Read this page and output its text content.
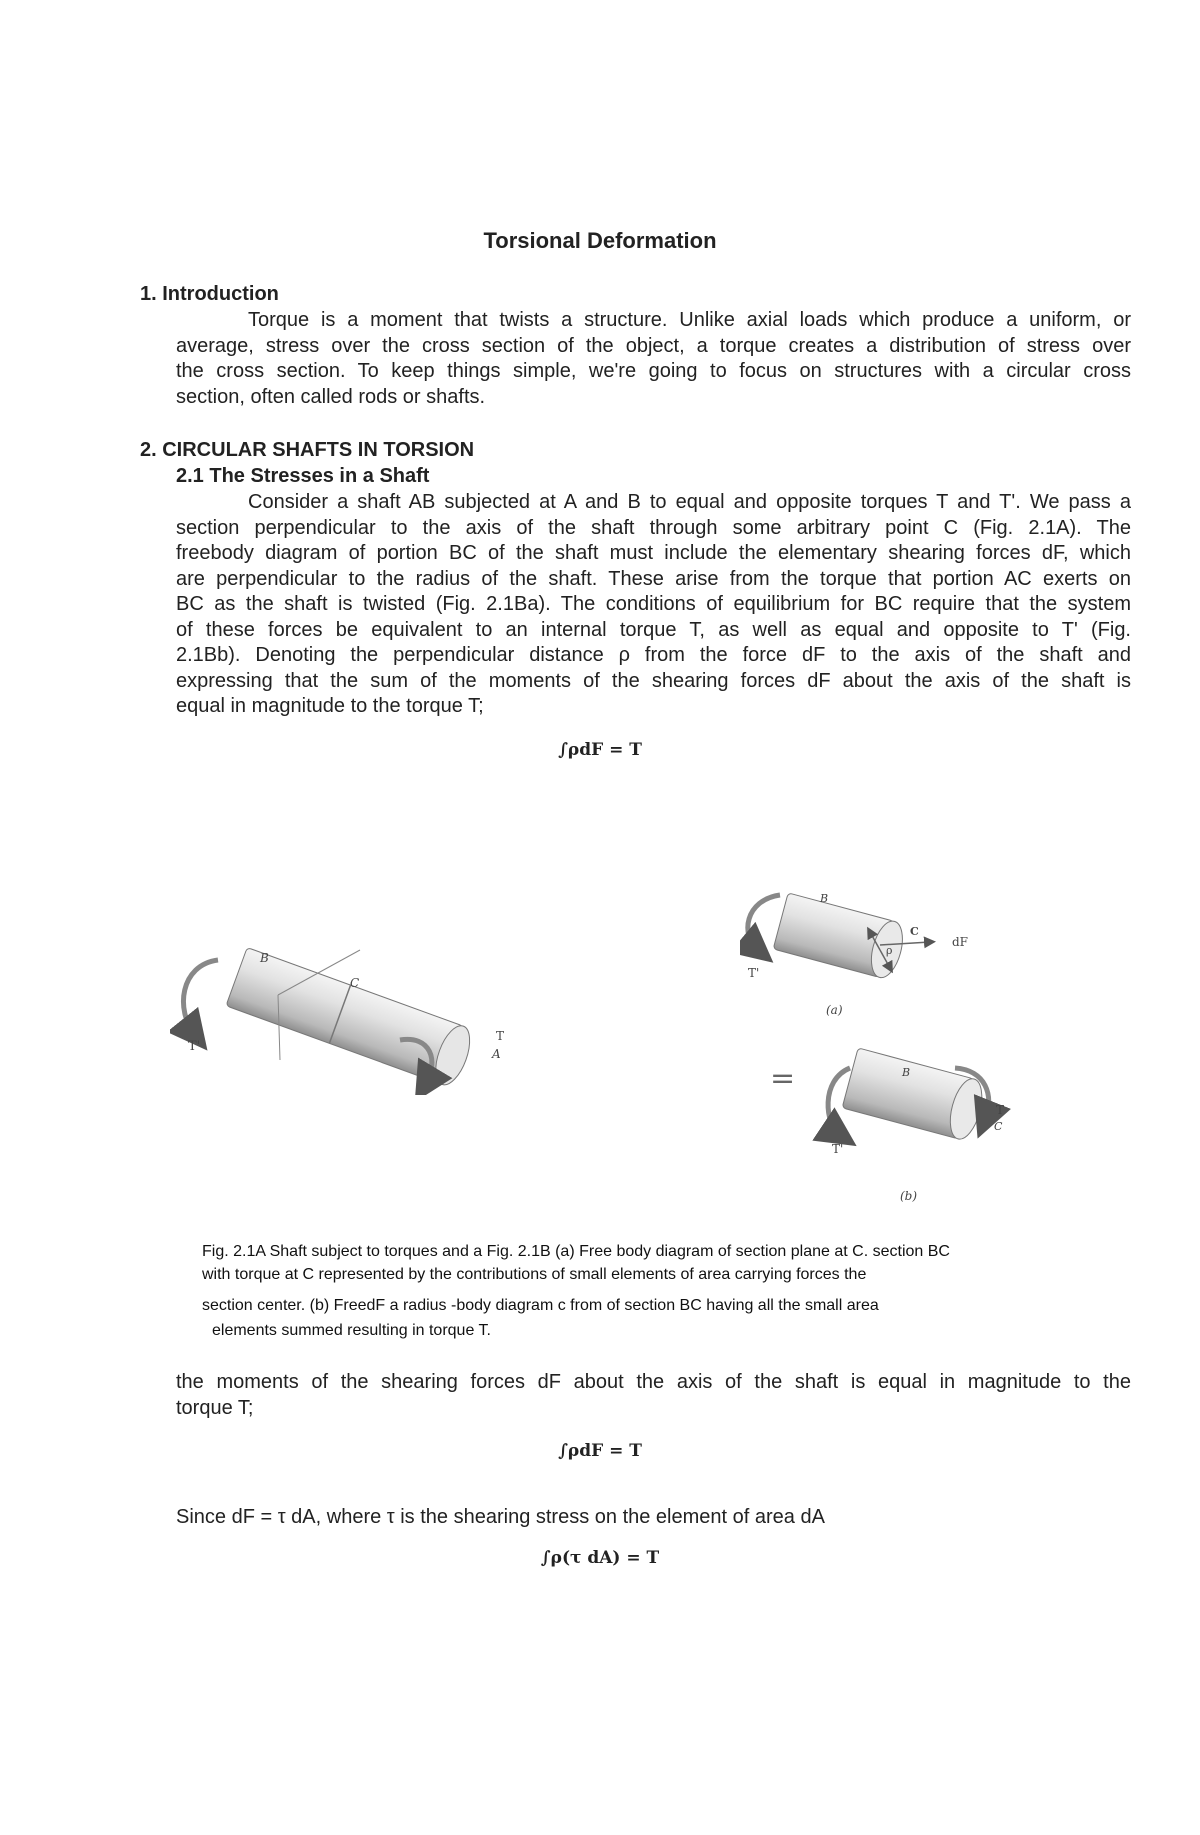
Torsional Deformation
1. Introduction
Torque is a moment that twists a structure. Unlike axial loads which produce a uniform, or
average, stress over the cross section of the object, a torque creates a distribution of stress over
the cross section. To keep things simple, we're going to focus on structures with a circular cross
section, often called rods or shafts.
2. CIRCULAR SHAFTS IN TORSION
2.1 The Stresses in a Shaft
Consider a shaft AB subjected at A and B to equal and opposite torques T and T'. We pass a
section perpendicular to the axis of the shaft through some arbitrary point C (Fig. 2.1A). The
freebody diagram of portion BC of the shaft must include the elementary shearing forces dF, which
are perpendicular to the radius of the shaft. These arise from the torque that portion AC exerts on
BC as the shaft is twisted (Fig. 2.1Ba). The conditions of equilibrium for BC require that the system
of these forces be equivalent to an internal torque T, as well as equal and opposite to T' (Fig.
2.1Bb). Denoting the perpendicular distance ρ from the force dF to the axis of the shaft and
expressing that the sum of the moments of the shearing forces dF about the axis of the shaft is
equal in magnitude to the torque T;
∫ρdF = T
B
C
T
A
T'
B
C
dF
ρ
T'
(a)
=	B
T
C
T'
(b)
Fig. 2.1A Shaft subject to torques and a Fig. 2.1B (a) Free body diagram of section plane at C. section BC
with torque at C represented by the contributions of small elements of area carrying forces the
section center. (b) FreedF a radius -body diagram c from of section BC having all the small area
elements summed resulting in torque T.
the moments of the shearing forces dF about the axis of the shaft is equal in magnitude to the
torque T;
∫ρdF = T
Since dF = τ dA, where τ is the shearing stress on the element of area dA
∫ρ(τ dA) = T
